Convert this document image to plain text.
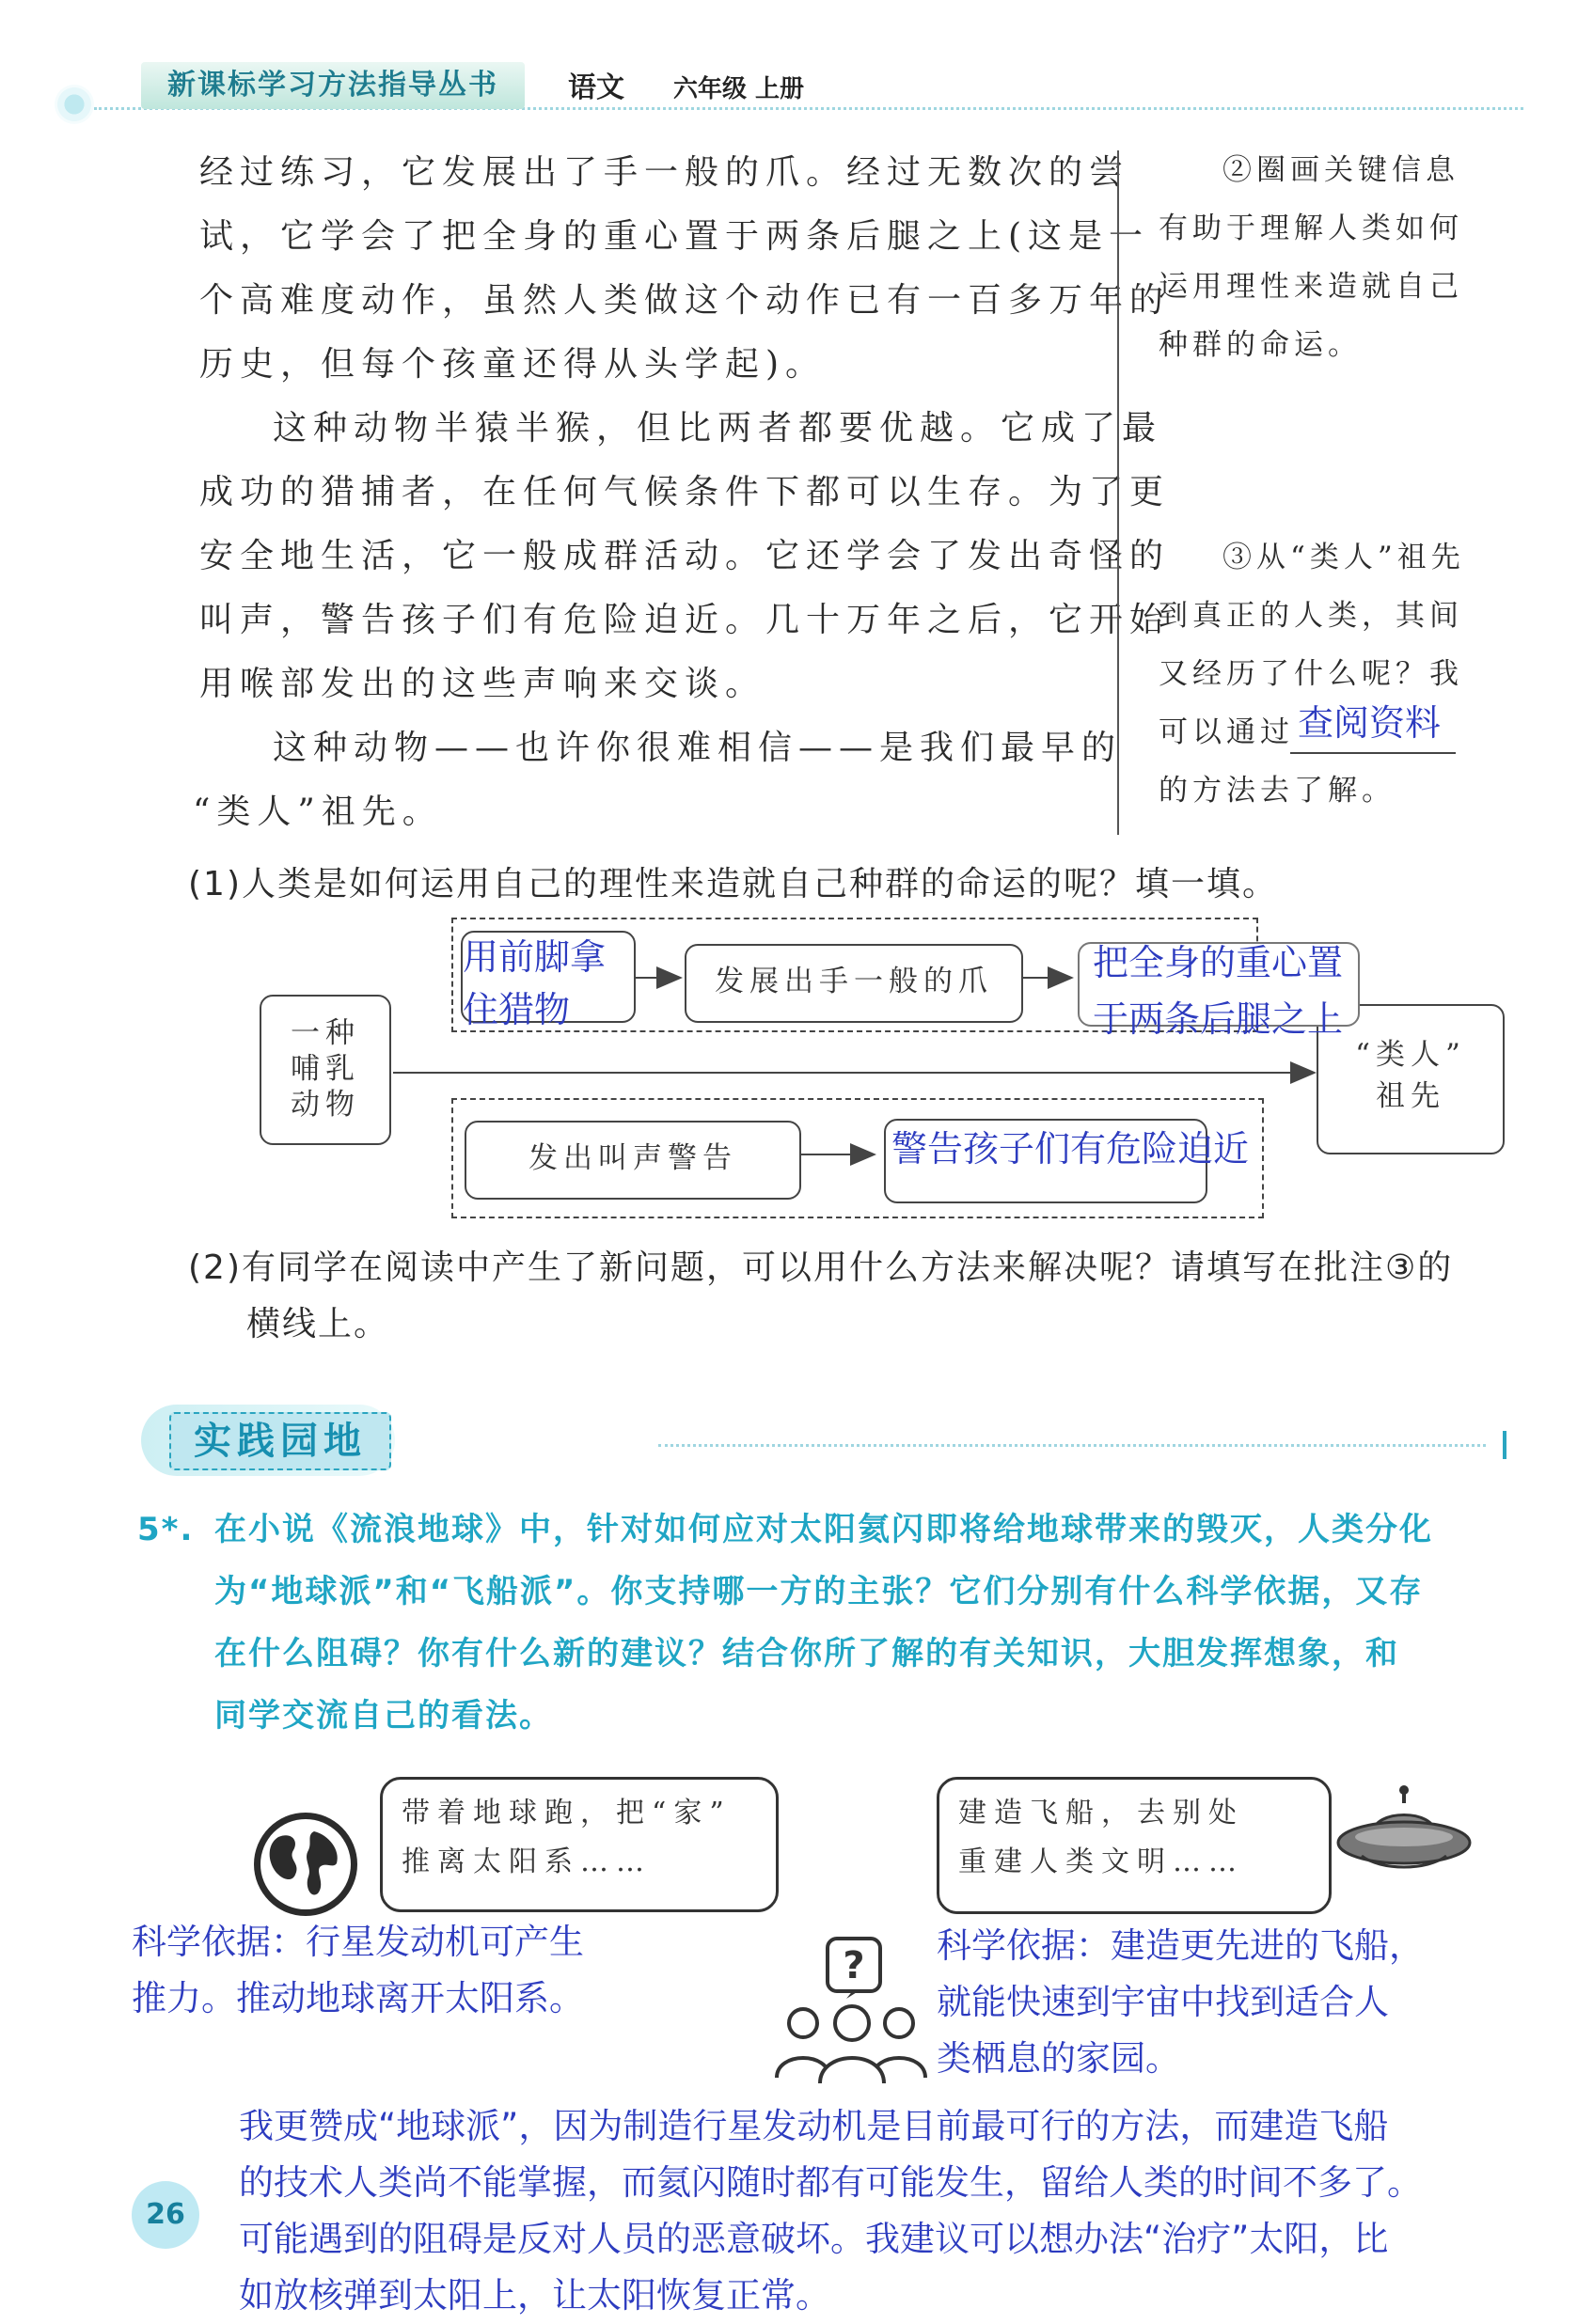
新课标学习方法指导丛书	语文 六年级 上册
经过练习，它发展出了手一般的爪。经过无数次的尝
试，它学会了把全身的重心置于两条后腿之上(这是一
个高难度动作，虽然人类做这个动作已有一百多万年的
历史，但每个孩童还得从头学起)。
这种动物半猿半猴，但比两者都要优越。它成了最
成功的猎捕者，在任何气候条件下都可以生存。为了更
安全地生活，它一般成群活动。它还学会了发出奇怪的
叫声，警告孩子们有危险迫近。几十万年之后，它开始
用喉部发出的这些声响来交谈。
这种动物——也许你很难相信——是我们最早的
“类人”祖先。
②圈画关键信息
有助于理解人类如何
运用理性来造就自己
种群的命运。
③从“类人”祖先
到真正的人类，其间
又经历了什么呢？我
可以通过 查阅资料
的方法去了解。
(1)人类是如何运用自己的理性来造就自己种群的命运的呢？填一填。
一种
哺乳
动物
“类人”
祖先
用前脚拿
住猎物
发展出手一般的爪	把全身的重心置
于两条后腿之上
发出叫声警告	警告孩子们有危险迫近
(2)有同学在阅读中产生了新问题，可以用什么方法来解决呢？请填写在批注③的
横线上。
实践园地
5*. 在小说《流浪地球》中，针对如何应对太阳氦闪即将给地球带来的毁灭，人类分化
为“地球派”和“飞船派”。你支持哪一方的主张？它们分别有什么科学依据，又存
在什么阻碍？你有什么新的建议？结合你所了解的有关知识，大胆发挥想象，和
同学交流自己的看法。
带着地球跑，把“家”
推离太阳系……
建造飞船，去别处
重建人类文明……
科学依据：行星发动机可产生
推力。推动地球离开太阳系。
? 科学依据：建造更先进的飞船，
就能快速到宇宙中找到适合人
类栖息的家园。
我更赞成“地球派”，因为制造行星发动机是目前最可行的方法，而建造飞船
的技术人类尚不能掌握，而氦闪随时都有可能发生，留给人类的时间不多了。
可能遇到的阻碍是反对人员的恶意破坏。我建议可以想办法“治疗”太阳，比
如放核弹到太阳上，让太阳恢复正常。
26
